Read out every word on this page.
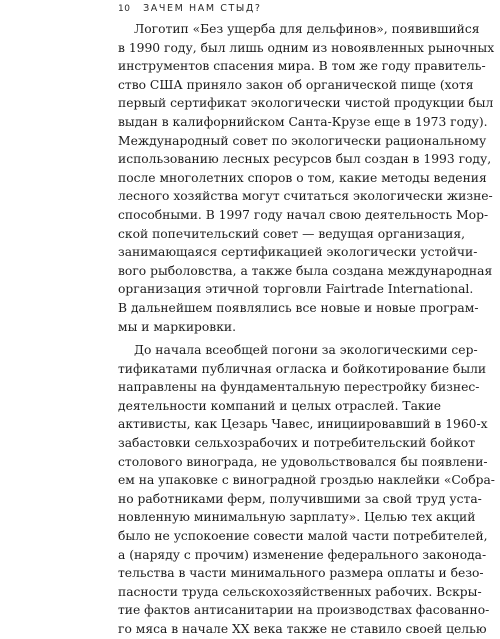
10 ЗАЧЕМ НАМ СТЫД?
Логотип «Без ущерба для дельфинов», появившийся
в 1990 году, был лишь одним из новоявленных рыночных
инструментов спасения мира. В том же году правитель-
ство США приняло закон об органической пище (хотя
первый сертификат экологически чистой продукции был
выдан в калифорнийском Санта-Крузе еще в 1973 году).
Международный совет по экологически рациональному
использованию лесных ресурсов был создан в 1993 году,
после многолетних споров о том, какие методы ведения
лесного хозяйства могут считаться экологически жизне-
способными. В 1997 году начал свою деятельность Мор-
ской попечительский совет — ведущая организация,
занимающаяся сертификацией экологически устойчи-
вого рыболовства, а также была создана международная
организация этичной торговли Fairtrade International.
В дальнейшем появлялись все новые и новые програм-
мы и маркировки.
До начала всеобщей погони за экологическими сер-
тификатами публичная огласка и бойкотирование были
направлены на фундаментальную перестройку бизнес-
деятельности компаний и целых отраслей. Такие
активисты, как Цезарь Чавес, инициировавший в 1960-х
забастовки сельхозрабочих и потребительский бойкот
столового винограда, не удовольствовался бы появлени-
ем на упаковке с виноградной гроздью наклейки «Собра-
но работниками ферм, получившими за свой труд уста-
новленную минимальную зарплату». Целью тех акций
было не успокоение совести малой части потребителей,
а (наряду с прочим) изменение федерального законода-
тельства в части минимального размера оплаты и безо-
пасности труда сельскохозяйственных рабочих. Вскры-
тие фактов антисанитарии на производствах фасованно-
го мяса в начале XX века также не ставило своей целью
